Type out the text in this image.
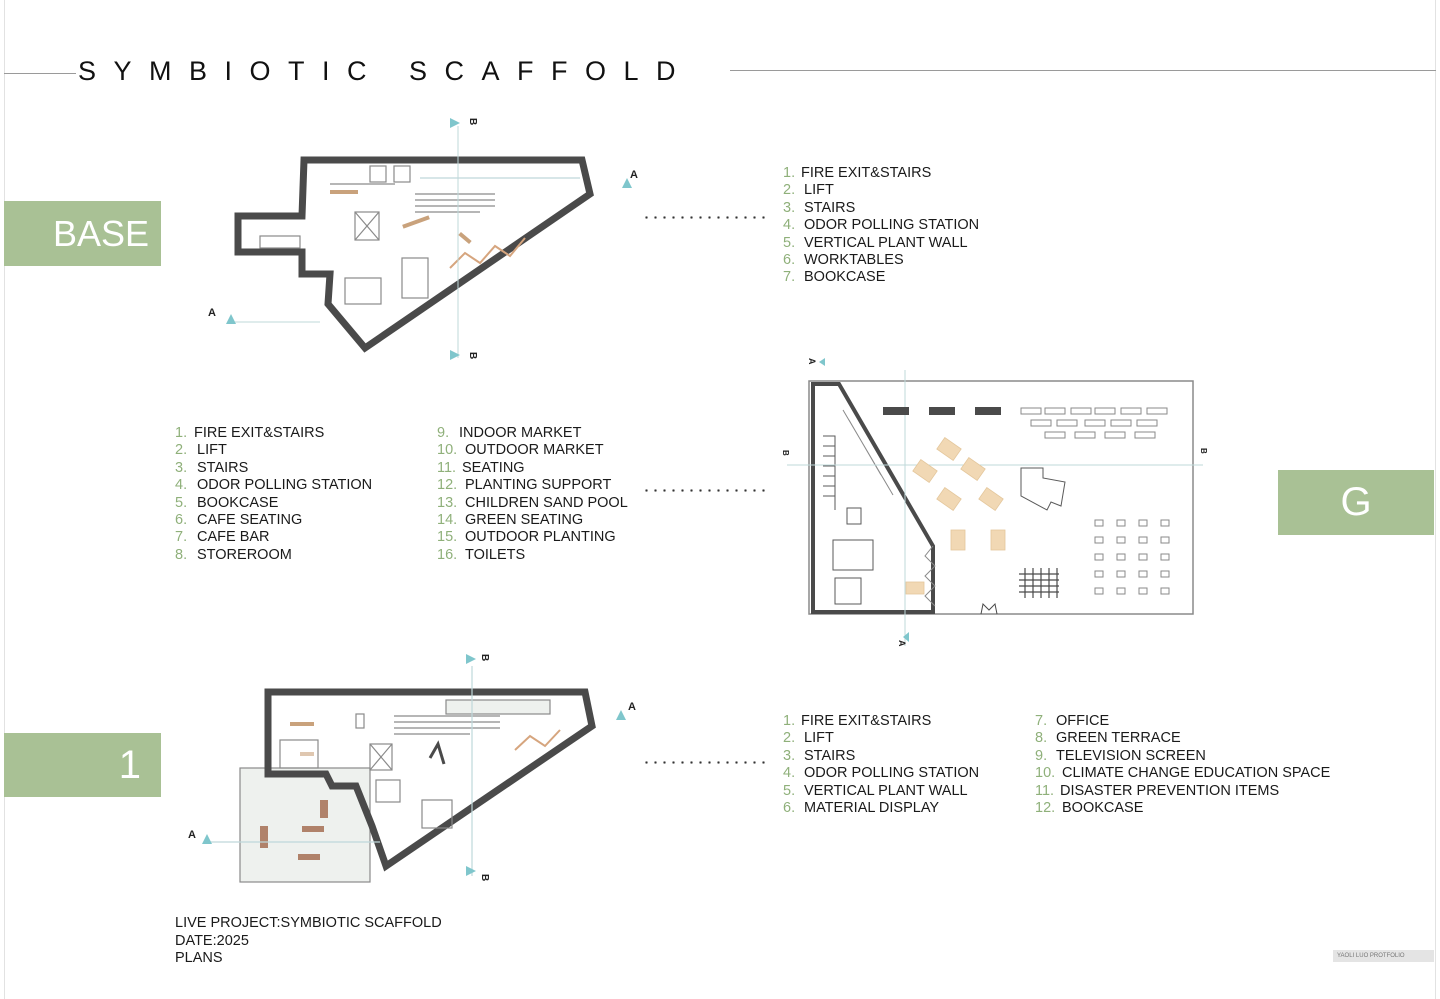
SYMBIOTIC SCAFFOLD
BASE
G
1
B
A
A
B
1. FIRE EXIT&STAIRS
2. LIFT
3. STAIRS
4. ODOR POLLING STATION
5. VERTICAL PLANT WALL
6. WORKTABLES
7. BOOKCASE
A
A
B	B
1. FIRE EXIT&STAIRS
2. LIFT
3. STAIRS
4. ODOR POLLING STATION
5. BOOKCASE
6. CAFE SEATING
7. CAFE BAR
8. STOREROOM
9. INDOOR MARKET
10. OUTDOOR MARKET
11. SEATING
12. PLANTING SUPPORT
13. CHILDREN SAND POOL
14. GREEN SEATING
15. OUTDOOR PLANTING
16. TOILETS
B
A
A
B
1. FIRE EXIT&STAIRS
2. LIFT
3. STAIRS
4. ODOR POLLING STATION
5. VERTICAL PLANT WALL
6. MATERIAL DISPLAY
7. OFFICE
8. GREEN TERRACE
9. TELEVISION SCREEN
10. CLIMATE CHANGE EDUCATION SPACE
11. DISASTER PREVENTION ITEMS
12. BOOKCASE
LIVE PROJECT:SYMBIOTIC SCAFFOLD
DATE:2025
PLANS	YAOLI LUO PROTFOLIO
